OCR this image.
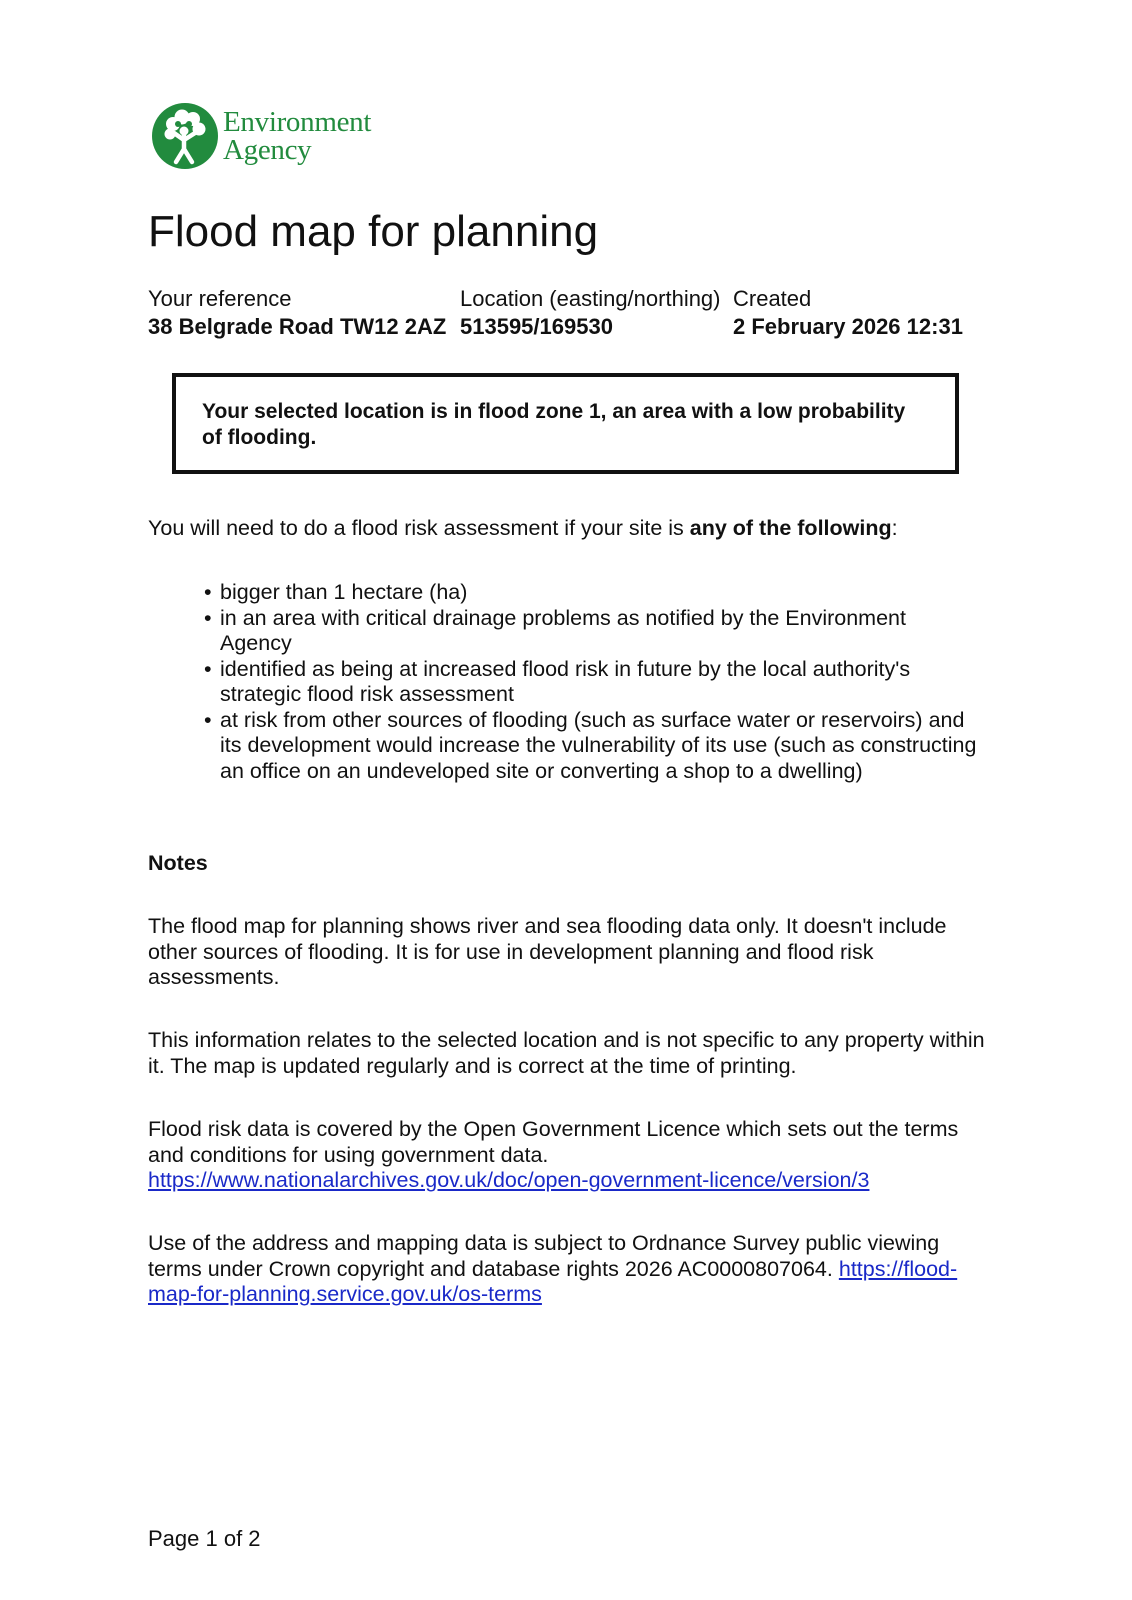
Environment
Agency
Flood map for planning
Your reference	Location (easting/northing) Created
38 Belgrade Road TW12 2AZ 513595/169530	2 February 2026 12:31
Your selected location is in flood zone 1, an area with a low probability of flooding.

You will need to do a flood risk assessment if your site is any of the following:

• bigger than 1 hectare (ha)
• in an area with critical drainage problems as notified by the Environment Agency
• identified as being at increased flood risk in future by the local authority's strategic flood risk assessment
• at risk from other sources of flooding (such as surface water or reservoirs) and its development would increase the vulnerability of its use (such as constructing an office on an undeveloped site or converting a shop to a dwelling)
Notes

The flood map for planning shows river and sea flooding data only. It doesn't include other sources of flooding. It is for use in development planning and flood risk assessments.

This information relates to the selected location and is not specific to any property within it. The map is updated regularly and is correct at the time of printing.

Flood risk data is covered by the Open Government Licence which sets out the terms and conditions for using government data. https://www.nationalarchives.gov.uk/doc/open-government-licence/version/3

Use of the address and mapping data is subject to Ordnance Survey public viewing terms under Crown copyright and database rights 2026 AC0000807064. https://flood-map-for-planning.service.gov.uk/os-terms

Page 1 of 2
